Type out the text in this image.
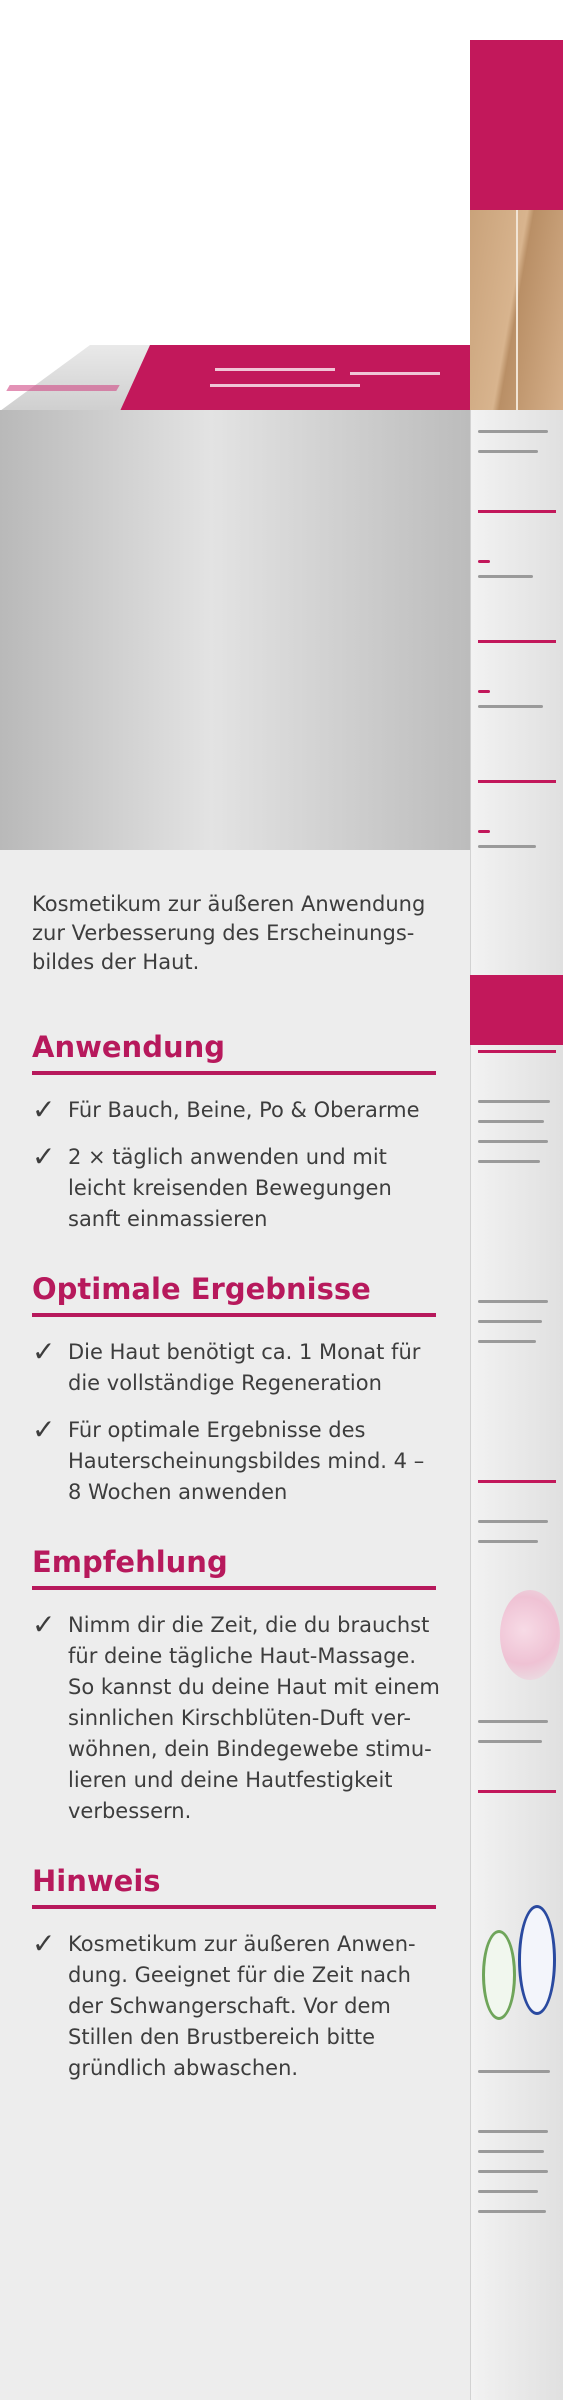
Kosmetikum zur äußeren Anwendung zur Verbesserung des Erscheinungs-bildes der Haut.

Anwendung
✓ Für Bauch, Beine, Po & Oberarme
✓ 2 × täglich anwenden und mit leicht kreisenden Bewegungen sanft einmassieren
Optimale Ergebnisse
✓ Die Haut benötigt ca. 1 Monat für die vollständige Regeneration
✓ Für optimale Ergebnisse des Hauterscheinungsbildes mind. 4 – 8 Wochen anwenden
Empfehlung
✓ Nimm dir die Zeit, die du brauchst für deine tägliche Haut-Massage. So kannst du deine Haut mit einem sinnlichen Kirschblüten-Duft ver-wöhnen, dein Bindegewebe stimu-lieren und deine Hautfestigkeit verbessern.
Hinweis
✓ Kosmetikum zur äußeren Anwen-dung. Geeignet für die Zeit nach der Schwangerschaft. Vor dem Stillen den Brustbereich bitte gründlich abwaschen.
